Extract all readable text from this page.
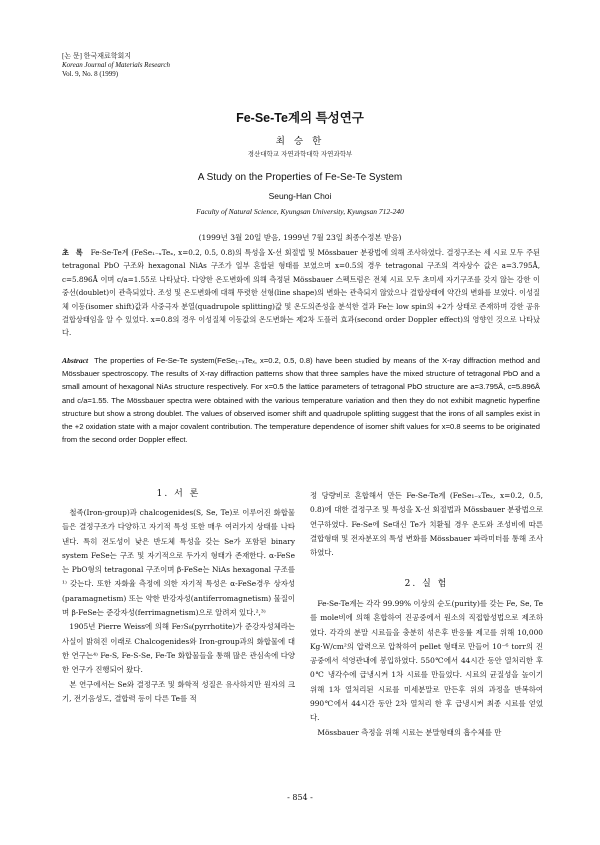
[논 문] 한국재료학회지
Korean Journal of Materials Research
Vol. 9, No. 8 (1999)
Fe-Se-Te계의 특성연구
최 승 한
경산대학교 자연과학대학 자연과학부
A Study on the Properties of Fe-Se-Te System
Seung-Han Choi
Faculty of Natural Science, Kyungsan University, Kyungsan 712-240
(1999년 3월 20일 받음, 1999년 7월 23일 최종수정본 받음)
초 록 Fe-Se-Te계 (FeSe₁₋ₓTeₓ, x=0.2, 0.5, 0.8)의 특성을 X-선 회절법 및 Mössbauer 분광법에 의해 조사하였다. 결정구조는 세 시료 모두 주된 tetragonal PbO 구조와 hexagonal NiAs 구조가 일부 혼합된 형태를 보였으며 x=0.5의 경우 tetragonal 구조의 격자상수 값은 a=3.795Å, c=5.896Å 이며 c/a=1.55로 나타났다. 다양한 온도변화에 의해 측정된 Mössbauer 스펙트럼은 전체 시료 모두 초미세 자기구조를 갖지 않는 강한 이중선(doublet)이 관측되었다. 조성 및 온도변화에 대해 뚜렷한 선형(line shape)의 변화는 관측되지 않았으나 결합상태에 약간의 변화를 보였다. 이성질체 이동(isomer shift)값과 사중극자 분열(quadrupole splitting)값 및 온도의존성을 분석한 결과 Fe는 low spin의 +2가 상태로 존재하며 강한 공유 결합상태임을 알 수 있었다. x=0.8의 경우 이성질체 이동값의 온도변화는 제2차 도플러 효과(second order Doppler effect)의 영향인 것으로 나타났다.
Abstract The properties of Fe-Se-Te system(FeSe₁₋ₓTeₓ, x=0.2, 0.5, 0.8) have been studied by means of the X-ray diffraction method and Mössbauer spectroscopy. The results of X-ray diffraction patterns show that three samples have the mixed structure of tetragonal PbO and a small amount of hexagonal NiAs structure respectively. For x=0.5 the lattice parameters of tetragonal PbO structure are a=3.795Å, c=5.896Å and c/a=1.55. The Mössbauer spectra were obtained with the various temperature variation and then they do not exhibit magnetic hyperfine structure but show a strong doublet. The values of observed isomer shift and quadrupole splitting suggest that the irons of all samples exist in the +2 oxidation state with a major covalent contribution. The temperature dependence of isomer shift values for x=0.8 seems to be originated from the second order Doppler effect.
1. 서 론

철족(Iron-group)과 chalcogenides(S, Se, Te)로 이루어진 화합물들은 결정구조가 다양하고 자기적 특성 또한 매우 여러가지 상태를 나타낸다. 특히 전도성이 낮은 반도체 특성을 갖는 Se가 포함된 binary system FeSe는 구조 및 자기적으로 두가지 형태가 존재한다. α-FeSe는 PbO형의 tetragonal 구조이며 β-FeSe는 NiAs hexagonal 구조를¹⁾ 갖는다. 또한 자화율 측정에 의한 자기적 특성은 α-FeSe경우 상자성(paramagnetism) 또는 약한 반강자성(antiferromagnetism) 물질이며 β-FeSe는 준강자성(ferrimagnetism)으로 알려져 있다.²,³⁾

1905년 Pierre Weiss에 의해 Fe₇S₈(pyrrhotite)가 준강자성체라는 사실이 밝혀진 이래로 Chalcogenides와 Iron-group과의 화합물에 대한 연구는⁴⁾ Fe-S, Fe-S-Se, Fe-Te 화합물들을 통해 많은 관심속에 다양한 연구가 진행되어 왔다.

본 연구에서는 Se와 결정구조 및 화학적 성질은 유사하지만 원자의 크기, 전기음성도, 결합력 등이 다른 Te를 적

정 당량비로 혼합해서 만든 Fe-Se-Te계 (FeSe₁₋ₓTeₓ, x=0.2, 0.5, 0.8)에 대한 결정구조 및 특성을 X-선 회절법과 Mössbauer 분광법으로 연구하였다. Fe-Se에 Se대신 Te가 치환될 경우 온도와 조성비에 따른 결합형태 및 전자분포의 특성 변화를 Mössbauer 파라미터를 통해 조사하였다.

2. 실 험

Fe-Se-Te계는 각각 99.99% 이상의 순도(purity)를 갖는 Fe, Se, Te를 mole비에 의해 혼합하여 진공중에서 원소의 직접합성법으로 제조하였다. 각각의 분말 시료들을 충분히 섞은후 반응률 제고를 위해 10,000 Kg·W/cm²의 압력으로 압착하여 pellet 형태로 만들어 10⁻⁶ torr의 진공중에서 석영관내에 봉입하였다. 550℃에서 44시간 동안 열처리한 후 0℃ 냉각수에 급냉시켜 1차 시료를 만들었다. 시료의 균질성을 높이기 위해 1차 열처리된 시료를 미세분말로 만든후 위의 과정을 반복하여 990℃에서 44시간 동안 2차 열처리 한 후 급냉시켜 최종 시료를 얻었다.

Mössbauer 측정을 위해 시료는 분말형태의 흡수체를 만

- 854 -
